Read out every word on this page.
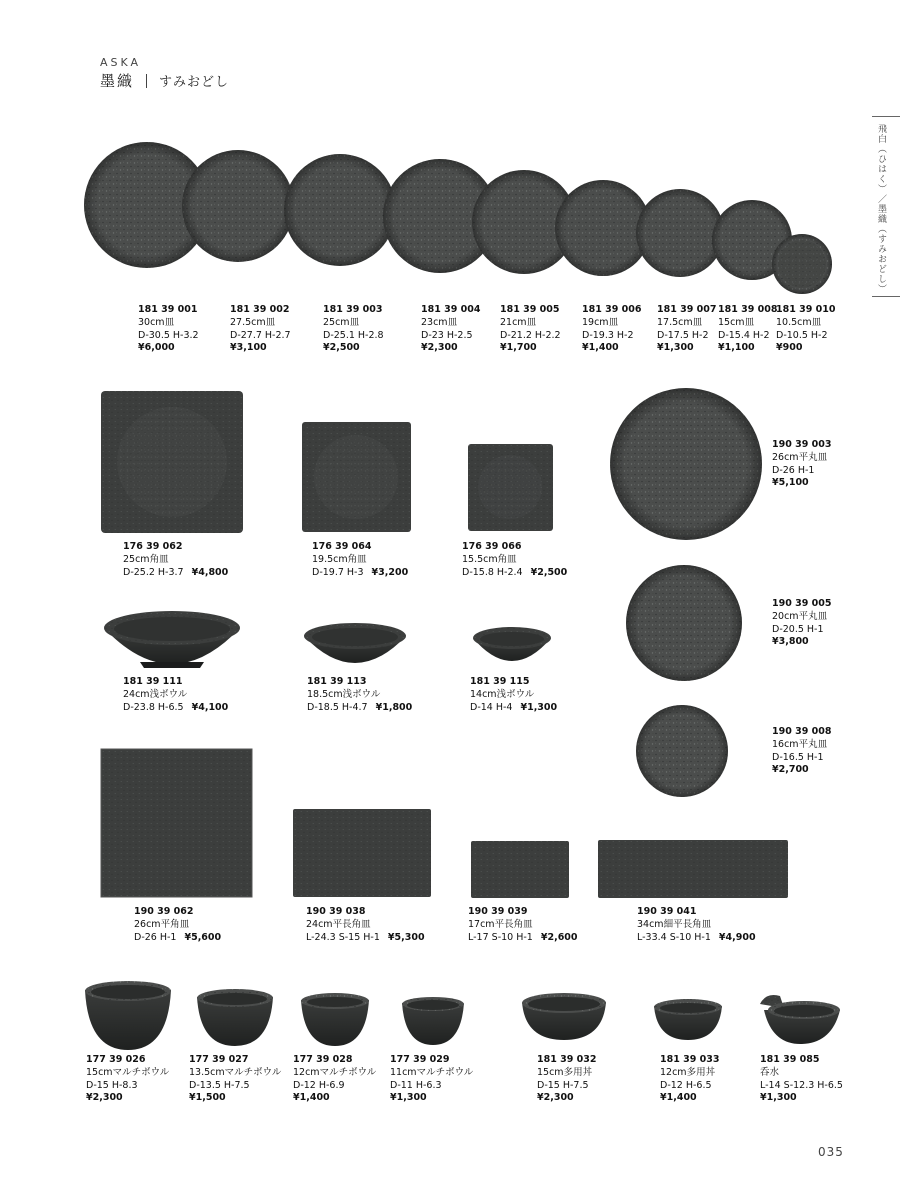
ASKA
墨織 すみおどし
飛白（ひはく）／墨織（すみおどし）
181 39 001
30cm皿
D-30.5 H-3.2
¥6,000
181 39 002
27.5cm皿
D-27.7 H-2.7
¥3,100
181 39 003
25cm皿
D-25.1 H-2.8
¥2,500
181 39 004
23cm皿
D-23 H-2.5
¥2,300
181 39 005
21cm皿
D-21.2 H-2.2
¥1,700
181 39 006
19cm皿
D-19.3 H-2
¥1,400
181 39 007
17.5cm皿
D-17.5 H-2
¥1,300
181 39 008
15cm皿
D-15.4 H-2
¥1,100
181 39 010
10.5cm皿
D-10.5 H-2
¥900
176 39 062
25cm角皿
D-25.2 H-3.7 ¥4,800
176 39 064
19.5cm角皿
D-19.7 H-3 ¥3,200
176 39 066
15.5cm角皿
D-15.8 H-2.4 ¥2,500
190 39 003
26cm平丸皿
D-26 H-1
¥5,100
181 39 111
24cm浅ボウル
D-23.8 H-6.5 ¥4,100
181 39 113
18.5cm浅ボウル
D-18.5 H-4.7 ¥1,800
181 39 115
14cm浅ボウル
D-14 H-4 ¥1,300
190 39 005
20cm平丸皿
D-20.5 H-1
¥3,800
190 39 008
16cm平丸皿
D-16.5 H-1
¥2,700
190 39 062
26cm平角皿
D-26 H-1 ¥5,600
190 39 038
24cm平長角皿
L-24.3 S-15 H-1 ¥5,300
190 39 039
17cm平長角皿
L-17 S-10 H-1 ¥2,600
190 39 041
34cm細平長角皿
L-33.4 S-10 H-1 ¥4,900
177 39 026
15cmマルチボウル
D-15 H-8.3
¥2,300
177 39 027
13.5cmマルチボウル
D-13.5 H-7.5
¥1,500
177 39 028
12cmマルチボウル
D-12 H-6.9
¥1,400
177 39 029
11cmマルチボウル
D-11 H-6.3
¥1,300
181 39 032
15cm多用丼
D-15 H-7.5
¥2,300
181 39 033
12cm多用丼
D-12 H-6.5
¥1,400
181 39 085
呑水
L-14 S-12.3 H-6.5
¥1,300
035
